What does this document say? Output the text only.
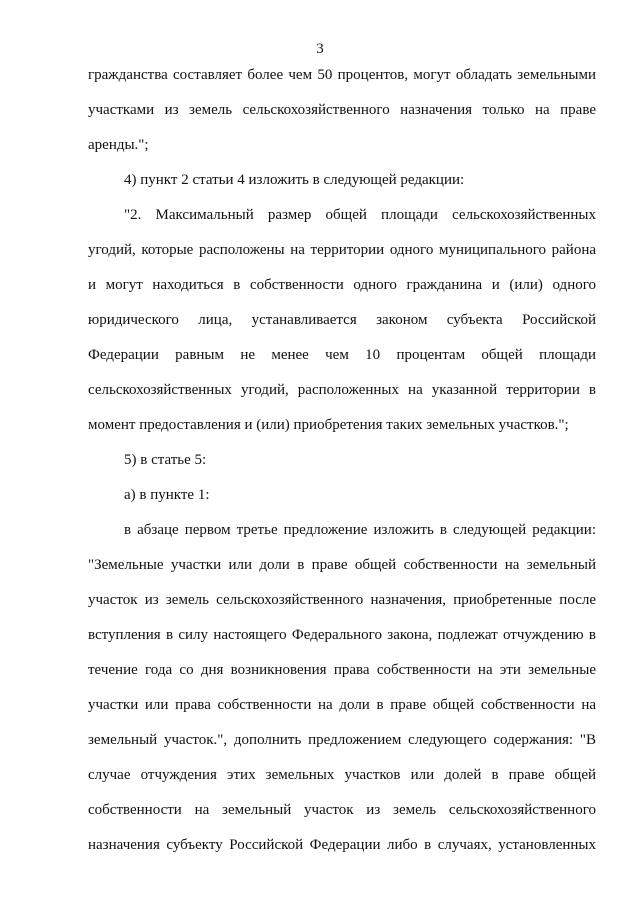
3
гражданства составляет более чем 50 процентов, могут обладать земельными
участками из земель сельскохозяйственного назначения только на праве
аренды.";
4) пункт 2 статьи 4 изложить в следующей редакции:
"2. Максимальный размер общей площади сельскохозяйственных
угодий, которые расположены на территории одного муниципального района
и могут находиться в собственности одного гражданина и (или) одного
юридического лица, устанавливается законом субъекта Российской
Федерации равным не менее чем 10 процентам общей площади
сельскохозяйственных угодий, расположенных на указанной территории в
момент предоставления и (или) приобретения таких земельных участков.";
5) в статье 5:
а) в пункте 1:
в абзаце первом третье предложение изложить в следующей редакции:
"Земельные участки или доли в праве общей собственности на земельный
участок из земель сельскохозяйственного назначения, приобретенные после
вступления в силу настоящего Федерального закона, подлежат отчуждению в
течение года со дня возникновения права собственности на эти земельные
участки или права собственности на доли в праве общей собственности на
земельный участок.", дополнить предложением следующего содержания: "В
случае отчуждения этих земельных участков или долей в праве общей
собственности на земельный участок из земель сельскохозяйственного
назначения субъекту Российской Федерации либо в случаях, установленных
